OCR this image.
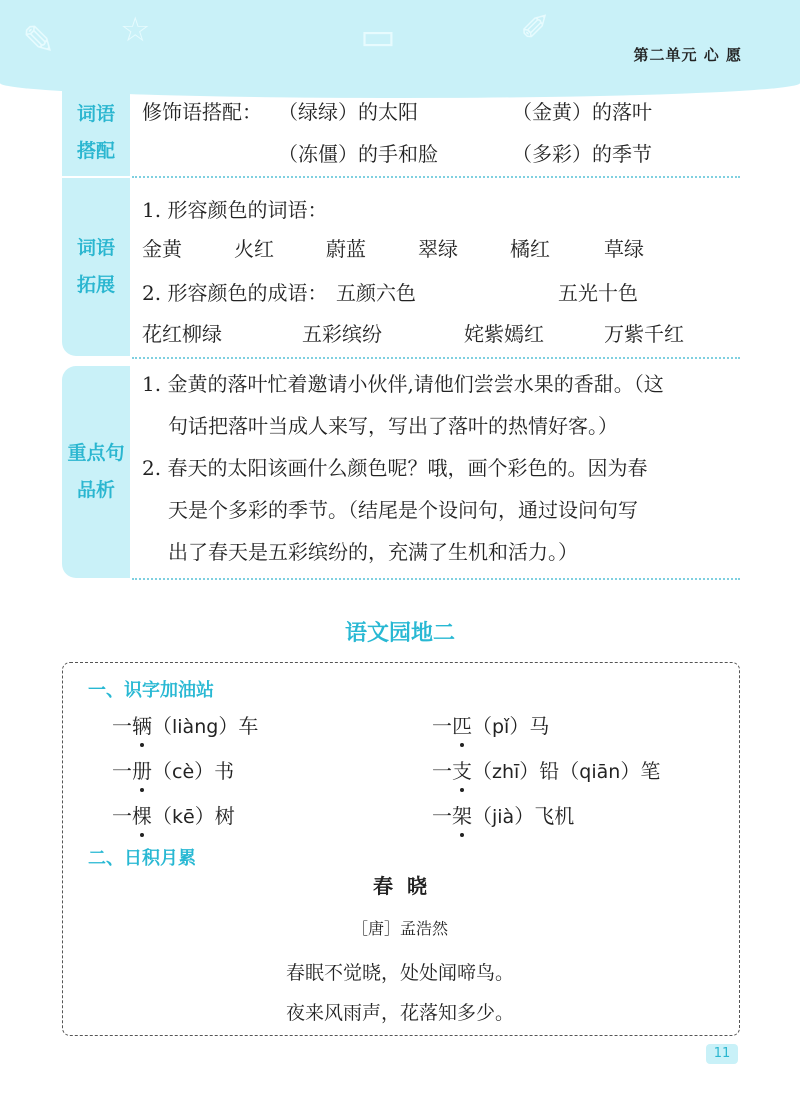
✎ ☆	▭	✐
第二单元 心 愿
词语
搭配
修饰语搭配： （绿绿）的太阳	（金黄）的落叶
（冻僵）的手和脸	（多彩）的季节
词语
拓展
1. 形容颜色的词语：
金黄	火红	蔚蓝	翠绿	橘红	草绿
2. 形容颜色的成语： 五颜六色	五光十色
花红柳绿	五彩缤纷	姹紫嫣红	万紫千红
重点句
品析
1. 金黄的落叶忙着邀请小伙伴,请他们尝尝水果的香甜。（这
句话把落叶当成人来写，写出了落叶的热情好客。）
2. 春天的太阳该画什么颜色呢？哦，画个彩色的。因为春
天是个多彩的季节。（结尾是个设问句，通过设问句写
出了春天是五彩缤纷的，充满了生机和活力。）
语文园地二
一、识字加油站
一辆（liàng）车	一匹（pǐ）马
一册（cè）书	一支（zhī）铅（qiān）笔
一棵（kē）树	一架（jià）飞机
二、日积月累
春晓
［唐］孟浩然
春眠不觉晓，处处闻啼鸟。
夜来风雨声，花落知多少。
11
